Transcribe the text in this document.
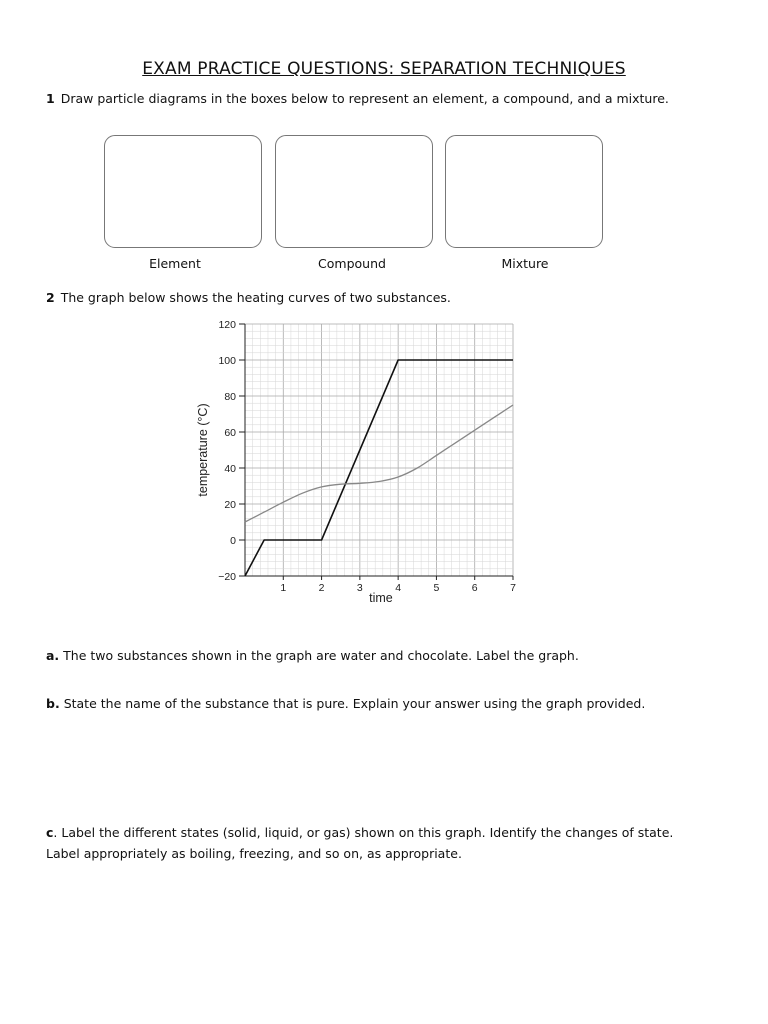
EXAM PRACTICE QUESTIONS: SEPARATION TECHNIQUES
1 Draw particle diagrams in the boxes below to represent an element, a compound, and a mixture.
Element	Compound	Mixture
2 The graph below shows the heating curves of two substances.
120
100
80
60
40
20
0
−20
1	2	3	4	5	6	7
time
temperature (°C)
a. The two substances shown in the graph are water and chocolate. Label the graph.
b. State the name of the substance that is pure. Explain your answer using the graph provided.
c. Label the different states (solid, liquid, or gas) shown on this graph. Identify the changes of state. Label appropriately as boiling, freezing, and so on, as appropriate.
